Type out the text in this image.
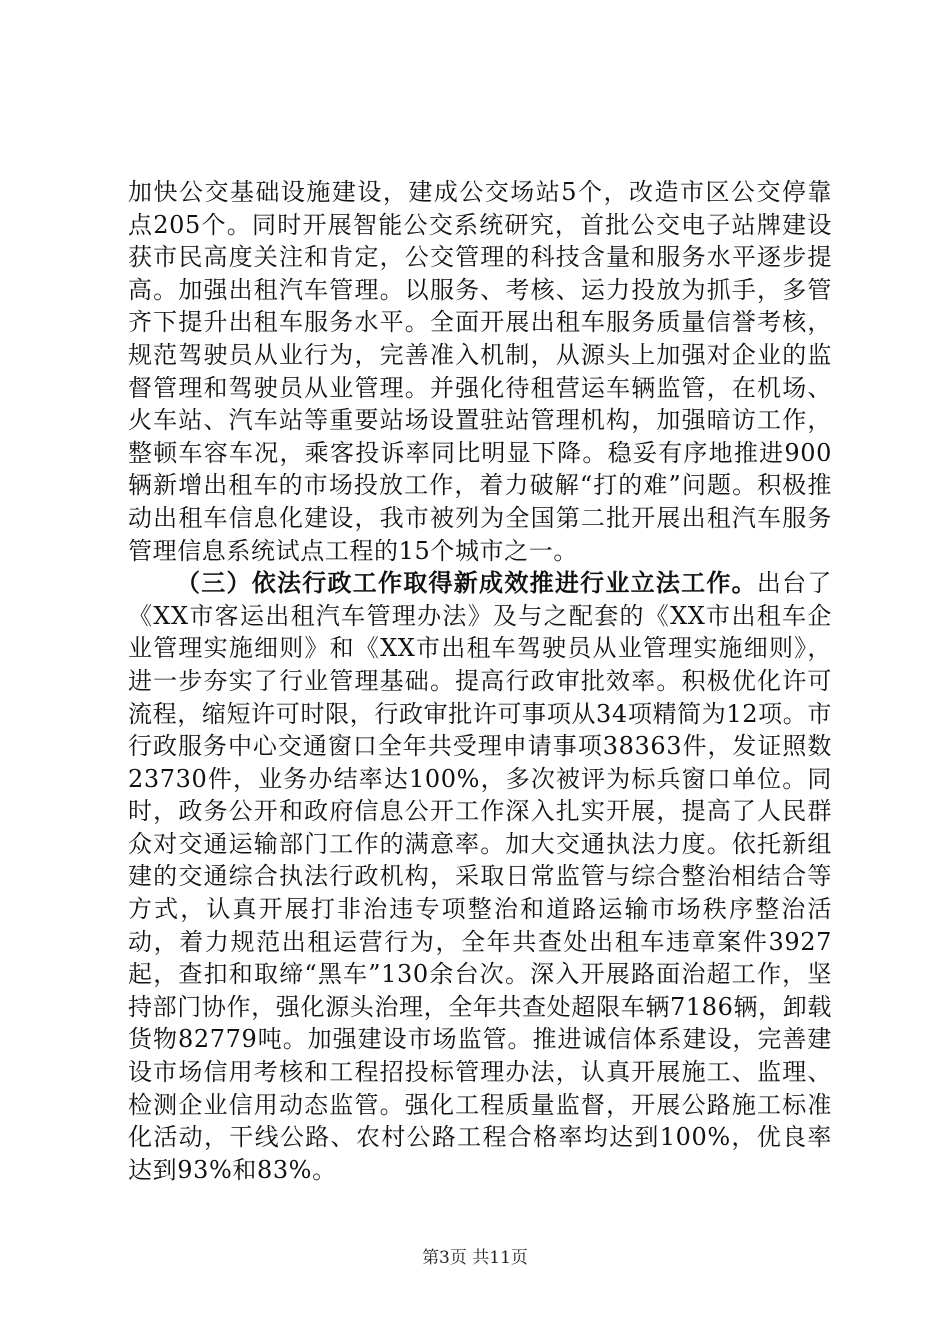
加快公交基础设施建设，建成公交场站5个，改造市区公交停靠点205个。同时开展智能公交系统研究，首批公交电子站牌建设获市民高度关注和肯定，公交管理的科技含量和服务水平逐步提高。加强出租汽车管理。以服务、考核、运力投放为抓手，多管齐下提升出租车服务水平。全面开展出租车服务质量信誉考核，规范驾驶员从业行为，完善准入机制，从源头上加强对企业的监督管理和驾驶员从业管理。并强化待租营运车辆监管，在机场、火车站、汽车站等重要站场设置驻站管理机构，加强暗访工作，整顿车容车况，乘客投诉率同比明显下降。稳妥有序地推进900辆新增出租车的市场投放工作，着力破解“打的难”问题。积极推动出租车信息化建设，我市被列为全国第二批开展出租汽车服务管理信息系统试点工程的15个城市之一。

（三）依法行政工作取得新成效推进行业立法工作。出台了《XX市客运出租汽车管理办法》及与之配套的《XX市出租车企业管理实施细则》和《XX市出租车驾驶员从业管理实施细则》，进一步夯实了行业管理基础。提高行政审批效率。积极优化许可流程，缩短许可时限，行政审批许可事项从34项精简为12项。市行政服务中心交通窗口全年共受理申请事项38363件，发证照数23730件，业务办结率达100%，多次被评为标兵窗口单位。同时，政务公开和政府信息公开工作深入扎实开展，提高了人民群众对交通运输部门工作的满意率。加大交通执法力度。依托新组建的交通综合执法行政机构，采取日常监管与综合整治相结合等方式，认真开展打非治违专项整治和道路运输市场秩序整治活动，着力规范出租运营行为，全年共查处出租车违章案件3927起，查扣和取缔“黑车”130余台次。深入开展路面治超工作，坚持部门协作，强化源头治理，全年共查处超限车辆7186辆，卸载货物82779吨。加强建设市场监管。推进诚信体系建设，完善建设市场信用考核和工程招投标管理办法，认真开展施工、监理、检测企业信用动态监管。强化工程质量监督，开展公路施工标准化活动，干线公路、农村公路工程合格率均达到100%，优良率达到93%和83%。

第3页 共11页
